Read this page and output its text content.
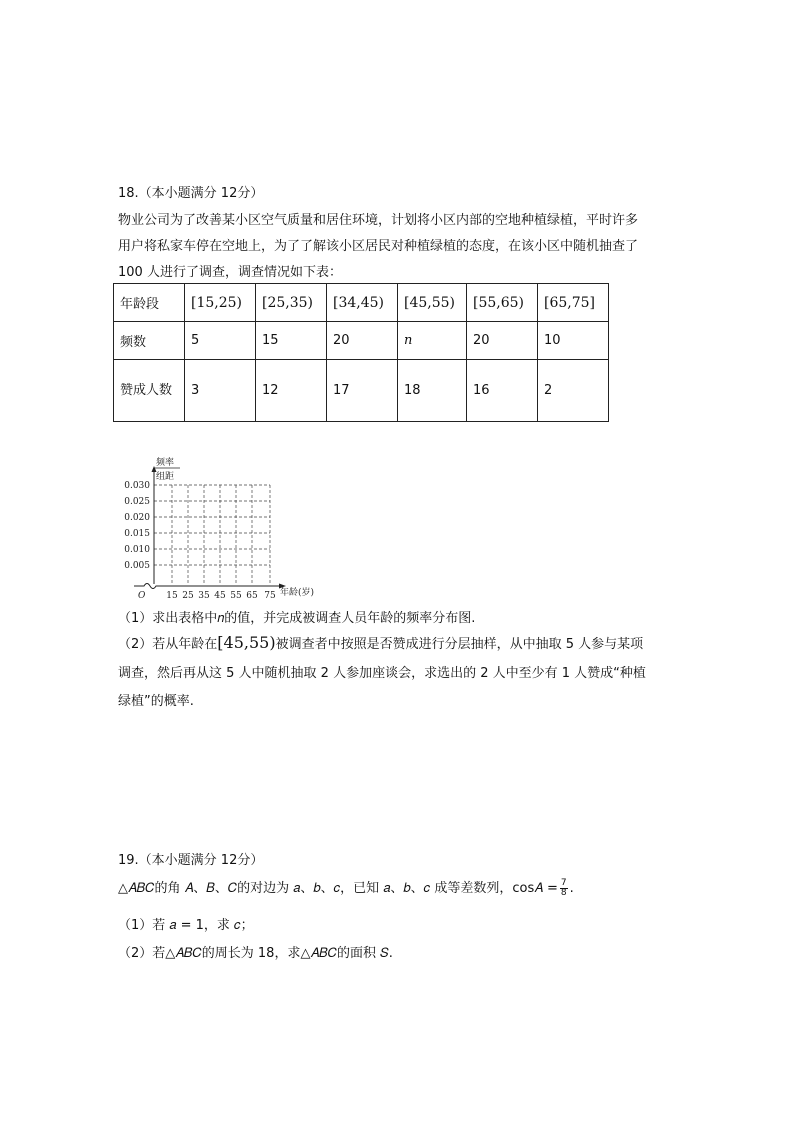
18.（本小题满分 12分）
物业公司为了改善某小区空气质量和居住环境，计划将小区内部的空地种植绿植，平时许多
用户将私家车停在空地上，为了了解该小区居民对种植绿植的态度，在该小区中随机抽查了
100 人进行了调查，调查情况如下表：
年龄段	[15,25)	[25,35)	[34,45)	[45,55)	[55,65)	[65,75]
频数	5	15	20	n	20	10
赞成人数	3	12	17	18	16	2
频率
组距
0.030
0.025
0.020
0.015
0.010
0.005
O 15 25 35 45 55 65 75 年龄(岁)
（1）求出表格中𝑛的值，并完成被调查人员年龄的频率分布图.
（2）若从年龄在[45,55)被调查者中按照是否赞成进行分层抽样，从中抽取 5 人参与某项
调查，然后再从这 5 人中随机抽取 2 人参加座谈会，求选出的 2 人中至少有 1 人赞成“种植
绿植”的概率.
19.（本小题满分 12分）
△𝐴𝐵𝐶的角 𝐴、𝐵、𝐶的对边为 𝑎、𝑏、𝑐，已知 𝑎、𝑏、𝑐 成等差数列，cos𝐴 = $\frac{7}{8}$ .
（1）若 𝑎 = 1，求 𝑐；
（2）若△𝐴𝐵𝐶的周长为 18，求△𝐴𝐵𝐶的面积 𝑆.
